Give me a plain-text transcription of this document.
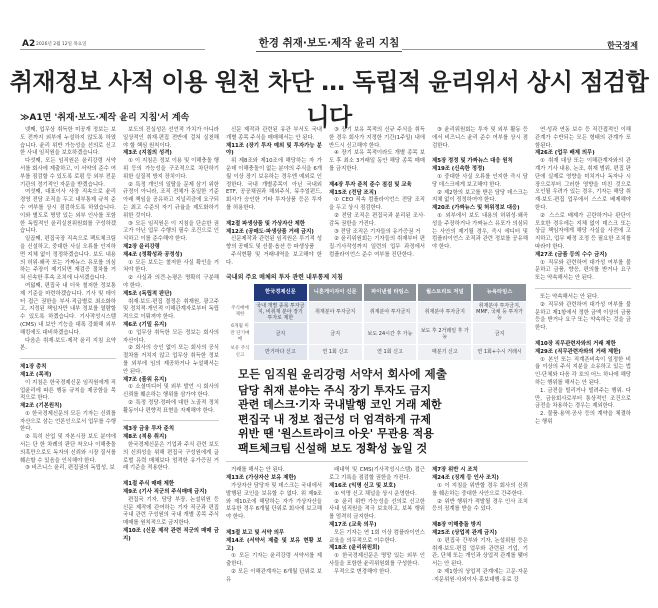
A2 2026년 2월 12일 목요일	한경 취재·보도·제작 윤리 지침	한국경제
취재정보 사적 이용 원천 차단 … 독립적 윤리위서 상시 점검합니다
≫A1면 '취재·보도·제작 윤리 지침'서 계속
넷째, 업무상 취득한 미공개 정보는 보도 전까지 외부에 누설하지 않도록 하였습니다. 윤리 위반 가능성을 선의로 신고한 사내 임직원을 보호하겠습니다.
다섯째, 모든 임직원은 윤리강령 서약서를 회사에 제출하고, 이 서약의 준수 여부를 점검할 수 있도록 로펌 등 외부 전문기관의 정기적인 자문을 받겠습니다.
여섯째, 대표이사 사장 직속으로 윤리경영 전담 조직을 두고 내부통제 규칙 준수 여부를 상시 점검하도록 하였습니다. 이와 별도로 명망 있는 외부 인사를 포함한 독립적인 윤리실천위원회를 구성하겠습니다.
일곱째, 편집국장 직속으로 팩트체크팀을 신설하고, 중대한 사실 오류를 인지하면 지체 없이 정정하겠습니다. 보도 내용의 허위·왜곡 또는 가짜뉴스 유포를 의심하는 주장이 제기되면 재검증 절차를 거쳐 신속한 후속 조치에 나서겠습니다.
여덟째, 편집국 내 더욱 철저한 정보통제 기준을 마련하겠습니다. 기사 및 데이터 접근 권한을 부서·직급별로 최소화하고, 지정된 책임자만 내부 정보를 열람할 수 있도록 하겠습니다. 기사작성시스템(CMS) 내 보안 기능을 대폭 강화해 외부 해킹에도 대비하겠습니다.
다음은 취재·보도·제작 윤리 지침 요약본.
제1장 총칙
제1조 (목적)
이 지침은 한국경제신문 임직원에게 직업윤리에 따른 행동 규칙을 제공함을 목적으로 한다.
제2조 (기본원칙)
① 한국경제신문의 모든 기자는 신뢰를 자산으로 삼는 언론인으로서 업무를 수행한다.
② 특히 산업 및 자본시장 보도 분야에서는 단 한 차례의 판단 착오나 이해충돌 의혹만으로도 독자의 신뢰와 시장 질서를 훼손할 수 있음을 인식해야 한다.
③ 비즈니스 윤리, 편집권의 독립성, 보
보도의 진실성은 선언적 가치가 아니라 일상적인 취재·편집 전반에 걸쳐 실천해야 할 핵심 원칙이다.
제3조 (지침의 성격)
① 이 지침은 정보 이용 및 이해충돌 행위 등의 가능성을 구조적으로 차단하기 위한 실질적 방지 장치이다.
② 특정 개인의 일탈을 문제 삼기 위한 규정이 아니라, 조직 전체가 동일한 기준 아래 책임을 공유하고 지널리즘에 요구되는 최고 수준의 자기 규율을 제도화하기 위한 것이다.
③ 모든 임직원은 이 지침을 단순한 권고가 아닌 업무 수행의 필수 조건으로 인식하고 이를 준수해야 한다.
제2장 윤리강령
제4조 (정확성과 공정성)
① 모든 보도는 철저한 사실 확인을 거쳐야 한다.
② 사실과 의견·논평은 명확히 구분해야 한다.
제5조 (독립적 판단)
취재·보도·편집 결정은 취재원, 광고주 및 정치적·개인적 이해관계자로부터 독립적으로 이뤄져야 한다.
제6조 (기밀 유지)
① 업무상 취득한 모든 정보는 회사의 자산이다.
② 회사의 승인 없이 또는 회사의 공식 절차를 거치지 않고 업무상 취득한 정보를 외부에 임의 제공하거나 누설해서는 안 된다.
제7조 (품위 유지)
① 소셜미디어 및 외부 발언 시 회사의 신뢰를 훼손하는 행위를 삼가야 한다.
② 특정 정당·정파에 대한 노골적 정치 활동이나 편향적 표현을 자제해야 한다.
제3장 금융 투자 준칙
제8조 (적용 취지)
한국경제신문은 기업과 주식 관련 보도의 신뢰성을 위해 편집국 구성원에게 글로벌 유력 매체보다 엄격한 유가증권 거래 기준을 적용한다.
제1절 주식 매매 제한
제9조 (기사 직군의 주식매매 금지)
편집국 기자, 담당 부장, 논설위원 등 신문 제작에 관여하는 기자 직군과 편집국내 관련 구성원의 국내 개별 종목 주식 매매를 원칙적으로 금지한다.
제10조 (신문 제작 관련 직군의 매매 금지)
신문 제작과 관련된 유관 부서도 국내 개별 종목 주식을 매매해서는 안 된다.
제11조 (장기 투자 예외 및 투자가능 분야)
위 제8조와 제10조에 해당하는 자 가운데 이해충돌이 없는 분야의 주식을 6개월 이상 장기 보유하는 경우엔 예외로 인정한다. 국내 개별종목이 아닌 국내외 ETF, 공공채권과 해외주식, 뮤추얼펀드, 회사가 승인한 기타 투자상품 등은 투자를 허용한다.
제2절 파생상품 및 가상자산 제한
제12조 (공매도·파생상품 거래 금지)
신문제작과 관련된 임직원은 투기적 성향의 공매도 및 선물·옵션 등 파생상품
주식현황 및 거래내역을 보고해야 한다.
③ 장기 보유 목적의 신규 주식을 취득한 경우 회사가 지정한 기간(1주일) 내에 반드시 신고해야 한다.
④ 장기 보유 목적이라도 개별 종목 보도 후 최소 3거래일 동안 해당 종목 매매를 금지한다.
제4장 투자 준칙 준수 점검 및 교육
제15조 (전담 조직)
① CEO 직속 컴플라이언스 전담 조직을 두고 상시 점검한다.
② 전담 조직은 편집국과 분리된 조사·감독 권한을 가진다.
③ 전담 조직은 기자들의 유가증권 거
② 윤리위원회는 기자들의 취재부터 편집·기사작성까지 일련의 업무 과정에서 컴플라이언스 준수 여부를 진단한다.
③ 윤리위원회는 투자 및 외부 활동 등에서 비즈니스 윤리 준수 여부를 상시 점검한다.
제5장 정정 및 가짜뉴스 대응 원칙
제19조 (신속한 정정)
① 중대한 사실 오류를 인지한 즉시 담당 데스크에게 보고해야 한다.
② 제2항의 보고를 받은 담당 데스크는 지체 없이 정정하여야 한다.
제20조 (가짜뉴스 및 허위정보 대응)
① 외부에서 보도 내용의 허위성·왜곡성을 주장하거나 가짜뉴스 유포가 의심되는 사안의 제기될 경우, 즉시 에디터 및 컴플라이언스 조직과 관련 정보를 공유해야 한다.
국내외 주요 매체의 투자 관련 내부통제 지침
	한국경제신문	니혼게이자이 신문	파이낸셜 타임스	월스트리트 저널	뉴욕타임스
주식매매 제한	국내 개별 종목 투자금지, 비취재 분야 장기 투자로 제한	취재분야 투자금지	취재분야 투자금지	취재분야 투자금지	취재분야 투자금지, MMF, 국채 등 투자가능
6개월 미만 단기매매	금지	금지	보도 24시간 후 가능	보도 후 2거래일 후 가능	금지
보유 주식 신고	반기마다 신고	연 1회 신고	연 1회 신고	매분기 신고	연 1회+수시 거래시
모든 임직원 윤리강령 서약서 회사에 제출
담당 취재 분야는 주식 장기 투자도 금지
관련 데스크·기자 국내발행 코인 거래 제한
편집국 내 정보 접근성 더 엄격하게 규제
위반 땐 '원스트라이크 아웃' 무관용 적용
팩트체크팀 신설해 보도 정확성 높일 것
거래를 해서는 안 된다.
제13조 (가상자산 보유 제한)
가상자산 담당자 및 데스크는 국내에서 발행된 코인을 보유할 수 없다. 위 제9조와 제10조에 해당하는 자가 가상자산을 보유한 경우 6개월 단위로 회사에 보고해야 한다.
제3절 보고 및 서약 의무
제14조 (서약서 제출 및 보유 현황 보고)
① 모든 기자는 윤리강령 서약서를 제출한다.
② 모든 이해관계자는 6개월 단위로 보유
래내역 및 CMS(기사작성시스템) 접근 로그 기록을 점검할 권한을 가진다.
제16조 (익명 신고 및 보호)
① 익명 신고 채널을 상시 운영한다.
② 윤리 위반 가능성을 선의로 신고한 사내 임직원을 적극 보호하고, 보복 행위를 엄격히 금지한다.
제17조 (교육 의무)
모든 기자는 연 1회 이상 컴플라이언스 교육을 의무적으로 이수한다.
제18조 (윤리위원회)
① 한국경제신문은 명망 있는 외부 인사들을 포함한 윤리위원회를 구성한다.
무적으로 변경해야 한다.
제7장 위반 시 조치
제24조 (징계 등 인사 조치)
① 이 지침을 위반할 경우 회사의 신뢰를 훼손하는 중대한 사안으로 간주한다.
② 위반 행위가 적발될 경우 인사 조치 등의 징계를 받을 수 있다.
제8장 이해충돌 방지
제25조 (상업적 관계 금지)
① 편집국 간부와 기자, 논설위원 등은 취재·보도·편집 업무와 관련된 기업, 기관, 단체 또는 개인과 상업적 관계를 맺어서는 안 된다.
② 제1항의 상업적 관계에는 고문·자문·지문위원·사외이사·홍보대행·유료 강
연·성과 연동 보수 등 직간접적인 이해관계가 수반되는 모든 형태의 관계가 포함된다.
제26조 (업무 배제 의무)
① 취재 대상 또는 이해관계자와의 관계가 기사 내용, 논조, 취재 범위, 편집 판단에 실제로 영향을 미치거나 독자나 시장으로부터 그러한 영향을 미친 것으로 오인될 우려가 있는 경우, 기자는 해당 취재·보도·편집 업무에서 스스로 배제해야 한다.
② 스스로 배제가 곤란하거나 판단이 모호한 경우에는 지체 없이 데스크 또는 상급 책임자에게 해당 사실을 사전에 고지하고, 업무 배정 조정 등 필요한 조치를 따라야 한다.
제27조 (금품 등의 수수 금지)
① 직무와 관련하여 대가성 여부를 불문하고 금품, 향응, 편의를 받거나 요구 또는 약속해서는 안 된다.
또는 약속해서는 안 된다.
② 직무와 관련하여 대가성 여부를 불문하고 제1항에서 정한 금액 이상의 금품 등을 받거나 요구 또는 약속하는 것을 금한다.
제10장 직무관련자와의 거래 제한
제29조 (직무관련자와의 거래 제한)
① 본인 또는 직계존비속이 일정한 비율 이상의 주식 지분을 소유하고 있는 법인·단체와 다음 각 호의 어느 하나에 해당하는 행위를 해서는 안 된다.
1. 금전을 빌리거나 빌려주는 행위. 다만, 금융회사로부터 통상적인 조건으로 금전을 차용하는 경우는 제외한다.
2. 물품·용역·공사 등의 계약을 체결하는 행위
